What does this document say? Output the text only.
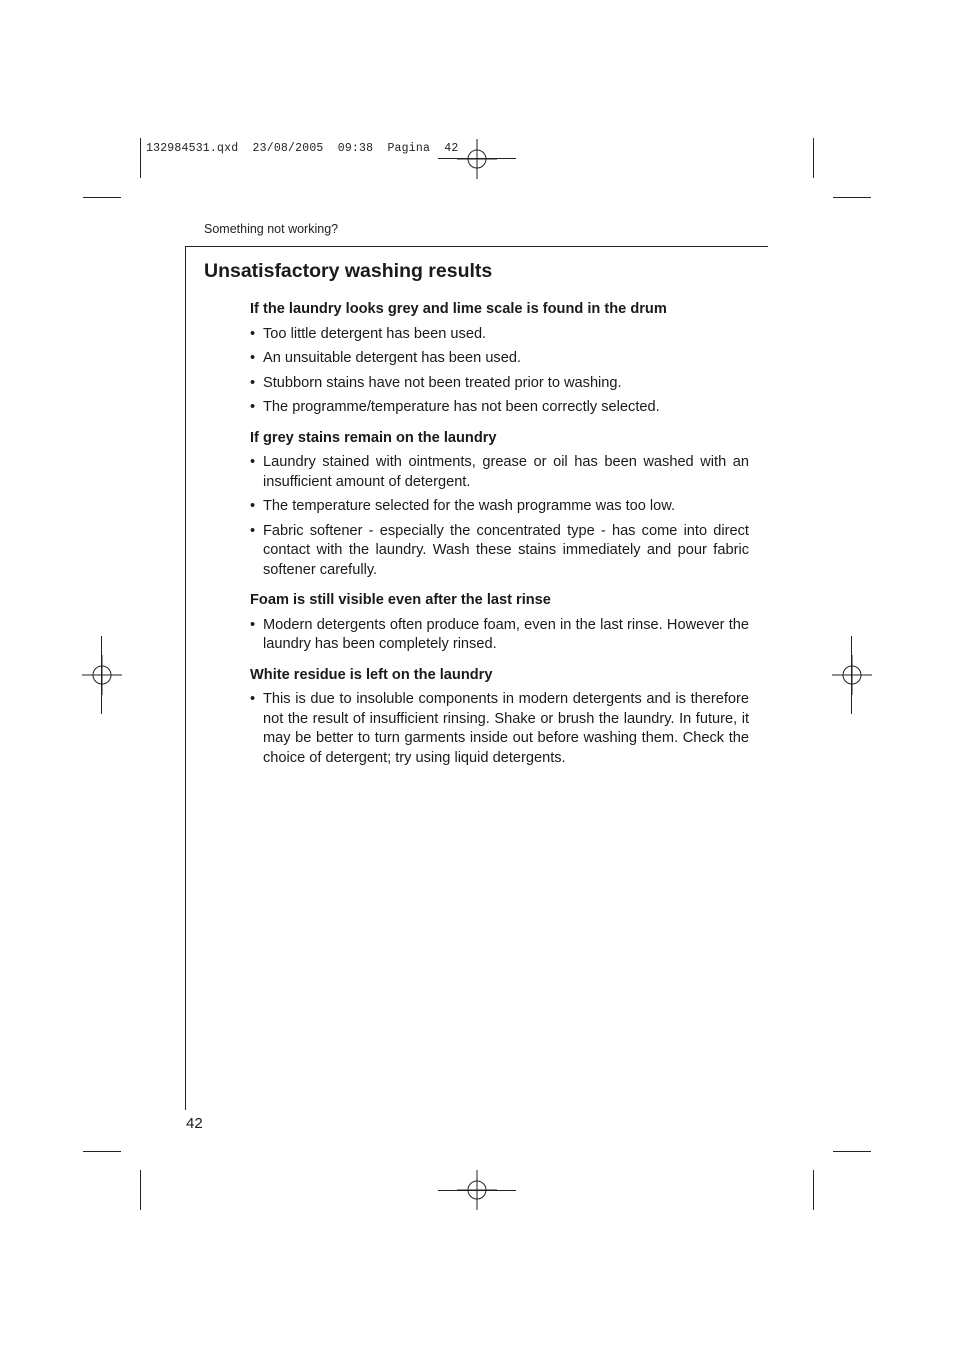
132984531.qxd  23/08/2005  09:38  Pagina  42
Something not working?
Unsatisfactory washing results
If the laundry looks grey and lime scale is found in the drum
• Too little detergent has been used.
• An unsuitable detergent has been used.
• Stubborn stains have not been treated prior to washing.
• The programme/temperature has not been correctly selected.
If grey stains remain on the laundry
• Laundry stained with ointments, grease or oil has been washed with an insufficient amount of detergent.
• The temperature selected for the wash programme was too low.
• Fabric softener - especially the concentrated type - has come into direct contact with the laundry. Wash these stains immediately and pour fabric softener carefully.
Foam is still visible even after the last rinse
• Modern detergents often produce foam, even in the last rinse. However the laundry has been completely rinsed.
White residue is left on the laundry
• This is due to insoluble components in modern detergents and is therefore not the result of insufficient rinsing. Shake or brush the laundry. In future, it may be better to turn garments inside out before washing them. Check the choice of detergent; try using liquid detergents.
42
